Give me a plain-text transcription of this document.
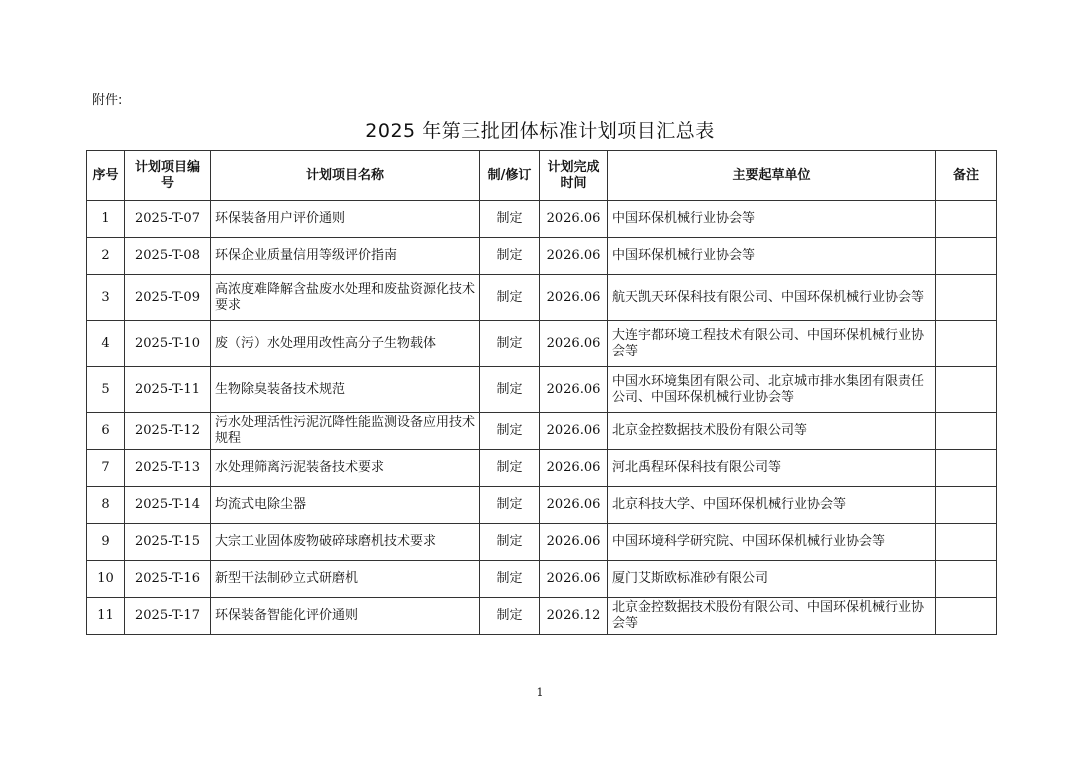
附件:
2025 年第三批团体标准计划项目汇总表
序号	计划项目编号	计划项目名称	制/修订	计划完成时间	主要起草单位	备注
1	2025-T-07	环保装备用户评价通则	制定	2026.06	中国环保机械行业协会等	
2	2025-T-08	环保企业质量信用等级评价指南	制定	2026.06	中国环保机械行业协会等	
3	2025-T-09	高浓度难降解含盐废水处理和废盐资源化技术要求	制定	2026.06	航天凯天环保科技有限公司、中国环保机械行业协会等	
4	2025-T-10	废（污）水处理用改性高分子生物载体	制定	2026.06	大连宇都环境工程技术有限公司、中国环保机械行业协会等	
5	2025-T-11	生物除臭装备技术规范	制定	2026.06	中国水环境集团有限公司、北京城市排水集团有限责任公司、中国环保机械行业协会等	
6	2025-T-12	污水处理活性污泥沉降性能监测设备应用技术规程	制定	2026.06	北京金控数据技术股份有限公司等	
7	2025-T-13	水处理筛离污泥装备技术要求	制定	2026.06	河北禹程环保科技有限公司等	
8	2025-T-14	均流式电除尘器	制定	2026.06	北京科技大学、中国环保机械行业协会等	
9	2025-T-15	大宗工业固体废物破碎球磨机技术要求	制定	2026.06	中国环境科学研究院、中国环保机械行业协会等	
10	2025-T-16	新型干法制砂立式研磨机	制定	2026.06	厦门艾斯欧标准砂有限公司	
11	2025-T-17	环保装备智能化评价通则	制定	2026.12	北京金控数据技术股份有限公司、中国环保机械行业协会等	
1
